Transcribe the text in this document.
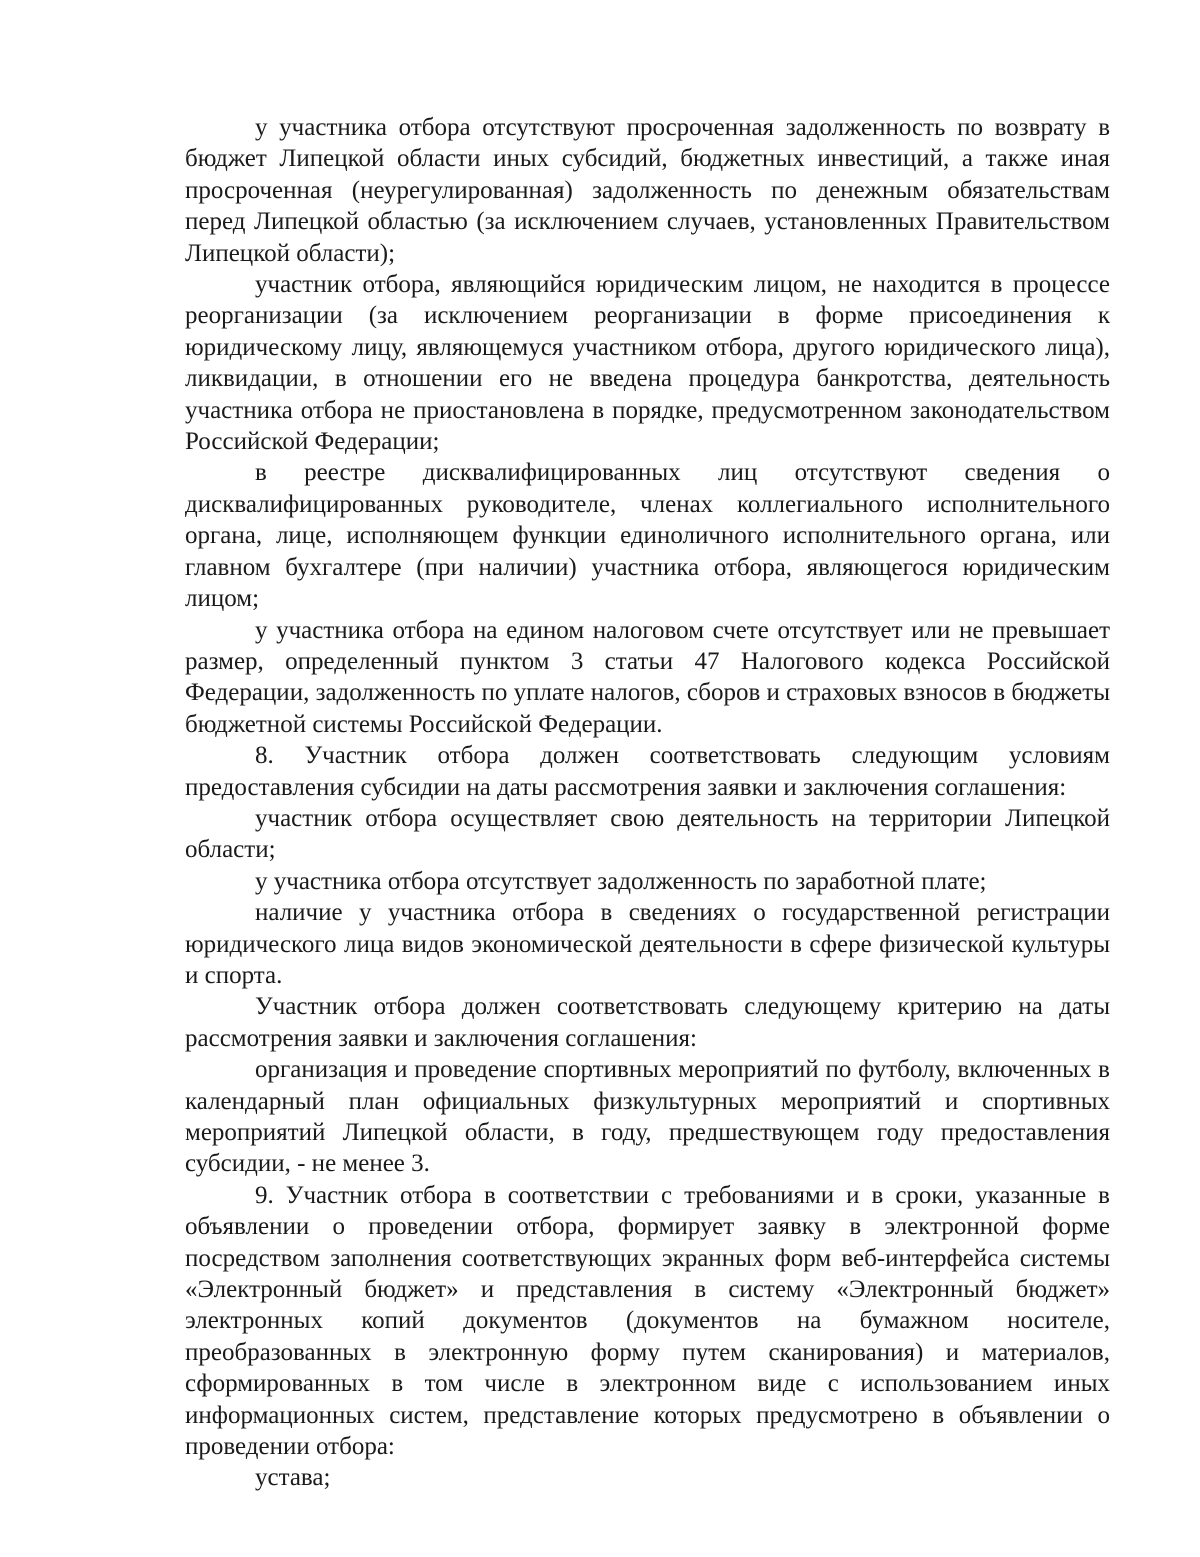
у участника отбора отсутствуют просроченная задолженность по возврату в бюджет Липецкой области иных субсидий, бюджетных инвестиций, а также иная просроченная (неурегулированная) задолженность по денежным обязательствам перед Липецкой областью (за исключением случаев, установленных Правительством Липецкой области);

участник отбора, являющийся юридическим лицом, не находится в процессе реорганизации (за исключением реорганизации в форме присоединения к юридическому лицу, являющемуся участником отбора, другого юридического лица), ликвидации, в отношении его не введена процедура банкротства, деятельность участника отбора не приостановлена в порядке, предусмотренном законодательством Российской Федерации;

в реестре дисквалифицированных лиц отсутствуют сведения о дисквалифицированных руководителе, членах коллегиального исполнительного органа, лице, исполняющем функции единоличного исполнительного органа, или главном бухгалтере (при наличии) участника отбора, являющегося юридическим лицом;

у участника отбора на едином налоговом счете отсутствует или не превышает размер, определенный пунктом 3 статьи 47 Налогового кодекса Российской Федерации, задолженность по уплате налогов, сборов и страховых взносов в бюджеты бюджетной системы Российской Федерации.

8. Участник отбора должен соответствовать следующим условиям предоставления субсидии на даты рассмотрения заявки и заключения соглашения:

участник отбора осуществляет свою деятельность на территории Липецкой области;

у участника отбора отсутствует задолженность по заработной плате;

наличие у участника отбора в сведениях о государственной регистрации юридического лица видов экономической деятельности в сфере физической культуры и спорта.

Участник отбора должен соответствовать следующему критерию на даты рассмотрения заявки и заключения соглашения:

организация и проведение спортивных мероприятий по футболу, включенных в календарный план официальных физкультурных мероприятий и спортивных мероприятий Липецкой области, в году, предшествующем году предоставления субсидии, - не менее 3.

9. Участник отбора в соответствии с требованиями и в сроки, указанные в объявлении о проведении отбора, формирует заявку в электронной форме посредством заполнения соответствующих экранных форм веб-интерфейса системы «Электронный бюджет» и представления в систему «Электронный бюджет» электронных копий документов (документов на бумажном носителе, преобразованных в электронную форму путем сканирования) и материалов, сформированных в том числе в электронном виде с использованием иных информационных систем, представление которых предусмотрено в объявлении о проведении отбора:

устава;
